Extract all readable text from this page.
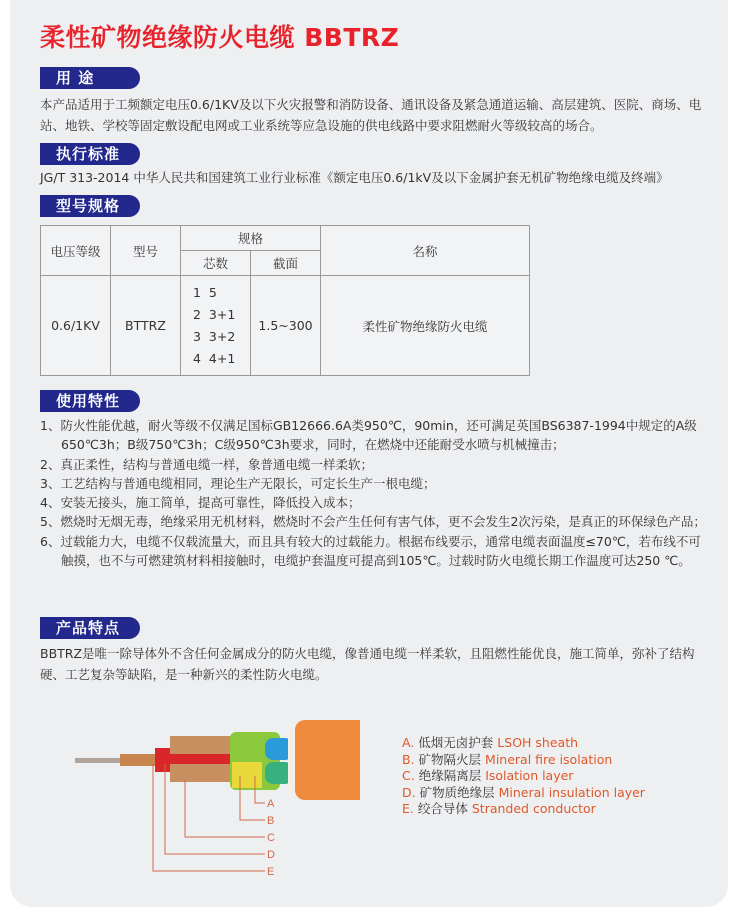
柔性矿物绝缘防火电缆 BBTRZ
用 途
本产品适用于工频额定电压0.6/1KV及以下火灾报警和消防设备、通讯设备及紧急通道运输、高层建筑、医院、商场、电站、地铁、学校等固定敷设配电网或工业系统等应急设施的供电线路中要求阻燃耐火等级较高的场合。
执行标准
JG/T 313-2014 中华人民共和国建筑工业行业标准《额定电压0.6/1kV及以下金属护套无机矿物绝缘电缆及终端》
型号规格
电压等级	型号	规格		名称
		芯数	截面	
0.6/1KV	BTTRZ	1  5
2  3+1
3  3+2
4  4+1	1.5~300	柔性矿物绝缘防火电缆
使用特性
1、防火性能优越，耐火等级不仅满足国标GB12666.6A类950℃，90min，还可满足英国BS6387-1994中规定的A级650℃3h；B级750℃3h；C级950℃3h要求，同时，在燃烧中还能耐受水喷与机械撞击；
2、真正柔性，结构与普通电缆一样，象普通电缆一样柔软；
3、工艺结构与普通电缆相同，理论生产无限长，可定长生产一根电缆；
4、安装无接头，施工简单，提高可靠性，降低投入成本；
5、燃烧时无烟无毒，绝缘采用无机材料，燃烧时不会产生任何有害气体，更不会发生2次污染，是真正的环保绿色产品；
6、过载能力大，电缆不仅载流量大，而且具有较大的过载能力。根据布线要示，通常电缆表面温度≤70℃，若布线不可触摸，也不与可燃建筑材料相接触时，电缆护套温度可提高到105℃。过载时防火电缆长期工作温度可达250 ℃。
产品特点
BBTRZ是唯一除导体外不含任何金属成分的防火电缆，像普通电缆一样柔软，且阻燃性能优良，施工简单，弥补了结构硬、工艺复杂等缺陷，是一种新兴的柔性防火电缆。
A
B
C
D
E
A. 低烟无卤护套 LSOH sheath
B. 矿物隔火层 Mineral fire isolation
C. 绝缘隔离层 Isolation layer
D. 矿物质绝缘层 Mineral insulation layer
E. 绞合导体 Stranded conductor
